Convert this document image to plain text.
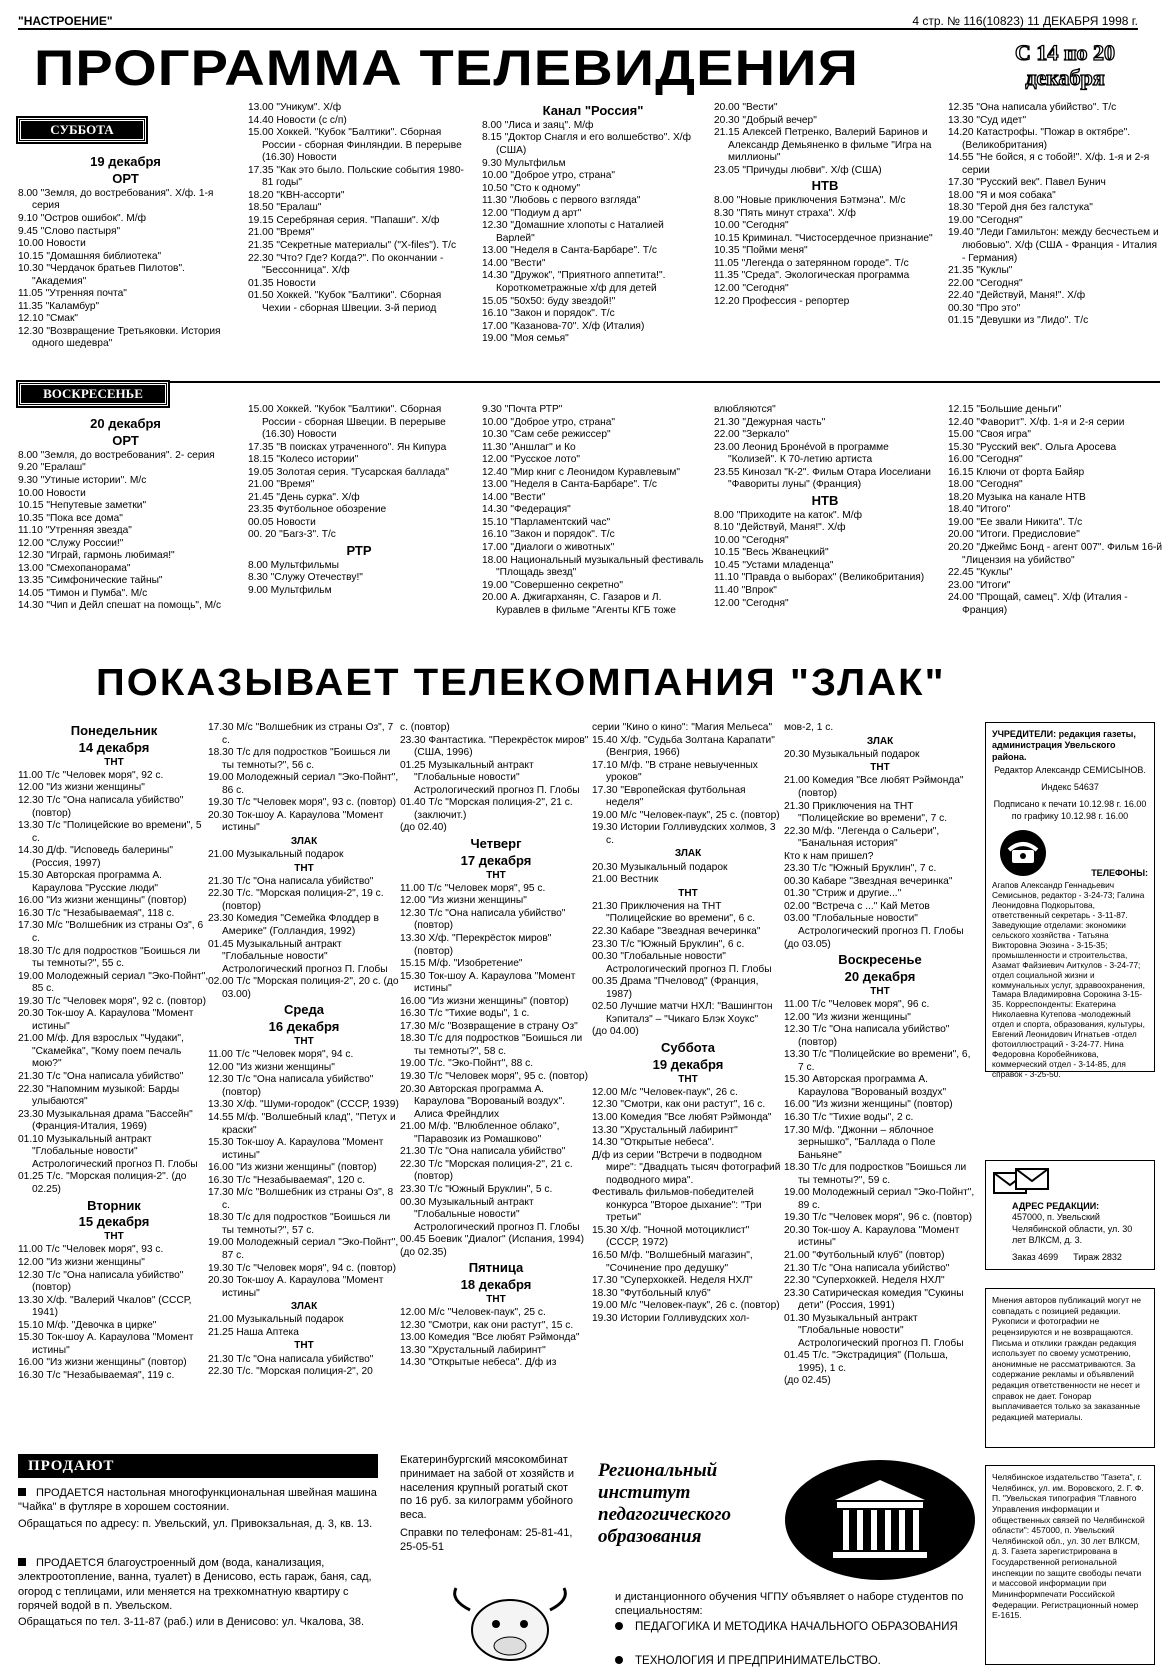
"НАСТРОЕНИЕ"	4 стр. № 116(10823) 11 ДЕКАБРЯ 1998 г.
ПРОГРАММА ТЕЛЕВИДЕНИЯ	С 14 по 20
декабря
СУББОТА
19 декабря
ОРТ
8.00 "Земля, до востребования". Х/ф. 1-я серия
9.10 "Остров ошибок". М/ф
9.45 "Слово пастыря"
10.00 Новости
10.15 "Домашняя библиотека"
10.30 "Чердачок братьев Пилотов". "Академия"
11.05 "Утренняя почта"
11.35 "Каламбур"
12.10 "Смак"
12.30 "Возвращение Третьяковки. История одного шедевра"
13.00 "Уникум". Х/ф
14.40 Новости (с с/п)
15.00 Хоккей. "Кубок "Балтики". Сборная России - сборная Финляндии. В перерыве (16.30) Новости
17.35 "Как это было. Польские события 1980-81 годы"
18.20 "КВН-ассорти"
18.50 "Ералаш"
19.15 Серебряная серия. "Папаши". Х/ф
21.00 "Время"
21.35 "Секретные материалы" ("X-files"). Т/с
22.30 "Что? Где? Когда?". По окончании - "Бессонница". Х/ф
01.35 Новости
01.50 Хоккей. "Кубок "Балтики". Сборная Чехии - сборная Швеции. 3-й период
Канал "Россия"
8.00 "Лиса и заяц". М/ф
8.15 "Доктор Снагля и его волшебство". Х/ф (США)
9.30 Мультфильм
10.00 "Доброе утро, страна"
10.50 "Сто к одному"
11.30 "Любовь с первого взгляда"
12.00 "Подиум д арт"
12.30 "Домашние хлопоты с Наталией Варлей"
13.00 "Неделя в Санта-Барбаре". Т/с
14.00 "Вести"
14.30 "Дружок", "Приятного аппетита!". Короткометражные х/ф для детей
15.05 "50x50: буду звездой!"
16.10 "Закон и порядок". Т/с
17.00 "Казанова-70". Х/ф (Италия)
19.00 "Моя семья"
20.00 "Вести"
20.30 "Добрый вечер"
21.15 Алексей Петренко, Валерий Баринов и Александр Демьяненко в фильме "Игра на миллионы"
23.05 "Причуды любви". Х/ф (США)
НТВ
8.00 "Новые приключения Бэтмэна". М/с
8.30 "Пять минут страха". Х/ф
10.00 "Сегодня"
10.15 Криминал. "Чистосердечное признание"
10.35 "Пойми меня"
11.05 "Легенда о затерянном городе". Т/с
11.35 "Среда". Экологическая программа
12.00 "Сегодня"
12.20 Профессия - репортер
12.35 "Она написала убийство". Т/с
13.30 "Суд идет"
14.20 Катастрофы. "Пожар в октябре". (Великобритания)
14.55 "Не бойся, я с тобой!". Х/ф. 1-я и 2-я серии
17.30 "Русский век". Павел Бунич
18.00 "Я и моя собака"
18.30 "Герой дня без галстука"
19.00 "Сегодня"
19.40 "Леди Гамильтон: между бесчестьем и любовью". Х/ф (США - Франция - Италия - Германия)
21.35 "Куклы"
22.00 "Сегодня"
22.40 "Действуй, Маня!". Х/ф
00.30 "Про это"
01.15 "Девушки из "Лидо". Т/с
ВОСКРЕСЕНЬЕ
20 декабря
ОРТ
8.00 "Земля, до востребования". 2- серия
9.20 "Ералаш"
9.30 "Утиные истории". М/с
10.00 Новости
10.15 "Непутевые заметки"
10.35 "Пока все дома"
11.10 "Утренняя звезда"
12.00 "Служу России!"
12.30 "Играй, гармонь любимая!"
13.00 "Смехопанорама"
13.35 "Симфонические тайны"
14.05 "Тимон и Пумба". М/с
14.30 "Чип и Дейл спешат на помощь", М/с
15.00 Хоккей. "Кубок "Балтики". Сборная России - сборная Швеции. В перерыве (16.30) Новости
17.35 "В поисках утраченного". Ян Кипура
18.15 "Колесо истории"
19.05 Золотая серия. "Гусарская баллада"
21.00 "Время"
21.45 "День сурка". Х/ф
23.35 Футбольное обозрение
00.05 Новости
00. 20 "Багз-3". Т/с
РТР
8.00 Мультфильмы
8.30 "Служу Отечеству!"
9.00 Мультфильм
9.30 "Почта РТР"
10.00 "Доброе утро, страна"
10.30 "Сам себе режиссер"
11.30 "Аншлаг" и Ко
12.00 "Русское лото"
12.40 "Мир книг с Леонидом Куравлевым"
13.00 "Неделя в Санта-Барбаре". Т/с
14.00 "Вести"
14.30 "Федерация"
15.10 "Парламентский час"
16.10 "Закон и порядок". Т/с
17.00 "Диалоги о животных"
18.00 Национальный музыкальный фестиваль "Площадь звезд"
19.00 "Совершенно секретно"
20.00 А. Джигарханян, С. Газаров и Л. Куравлев в фильме "Агенты КГБ тоже
влюбляются"
21.30 "Дежурная часть"
22.00 "Зеркало"
23.00 Леонид Бронévой в программе "Колизей". К 70-летию артиста
23.55 Кинозал "К-2". Фильм Отара Иоселиани "Фавориты луны" (Франция)
НТВ
8.00 "Приходите на каток". М/ф
8.10 "Действуй, Маня!". Х/ф
10.00 "Сегодня"
10.15 "Весь Жванецкий"
10.45 "Устами младенца"
11.10 "Правда о выборах" (Великобритания)
11.40 "Впрок"
12.00 "Сегодня"
12.15 "Большие деньги"
12.40 "Фаворит". Х/ф. 1-я и 2-я серии
15.00 "Своя игра"
15.30 "Русский век". Ольга Аросева
16.00 "Сегодня"
16.15 Ключи от форта Байяр
18.00 "Сегодня"
18.20 Музыка на канале НТВ
18.40 "Итого"
19.00 "Ее звали Никита". Т/с
20.00 "Итоги. Предисловие"
20.20 "Джеймс Бонд - агент 007". Фильм 16-й "Лицензия на убийство"
22.45 "Куклы"
23.00 "Итоги"
24.00 "Прощай, самец". Х/ф (Италия - Франция)
ПОКАЗЫВАЕТ ТЕЛЕКОМПАНИЯ "ЗЛАК"
Понедельник
14 декабря
ТНТ
11.00 Т/с "Человек моря", 92 с.
12.00 "Из жизни женщины"
12.30 Т/с "Она написала убийство" (повтор)
13.30 Т/с "Полицейские во времени", 5 с.
14.30 Д/ф. "Исповедь балерины" (Россия, 1997)
15.30 Авторская программа А. Караулова "Русские люди"
16.00 "Из жизни женщины" (повтор)
16.30 Т/с "Незабываемая", 118 с.
17.30 М/с "Волшебник из страны Оз", 6 с.
18.30 Т/с для подростков "Боишься ли ты темноты?", 55 с.
19.00 Молодежный сериал "Эко-Пойнт", 85 с.
19.30 Т/с "Человек моря", 92 с. (повтор)
20.30 Ток-шоу А. Караулова "Момент истины"
21.00 М/ф. Для взрослых "Чудаки", "Скамейка", "Кому поем печаль мою?"
21.30 Т/с "Она написала убийство"
22.30 "Напомним музыкой: Барды улыбаются"
23.30 Музыкальная драма "Бассейн" (Франция-Италия, 1969)
01.10 Музыкальный антракт "Глобальные новости" Астрологический прогноз П. Глобы
01.25 Т/с. "Морская полиция-2". (до 02.25)
Вторник
15 декабря
ТНТ
11.00 Т/с "Человек моря", 93 с.
12.00 "Из жизни женщины"
12.30 Т/с "Она написала убийство" (повтор)
13.30 Х/ф. "Валерий Чкалов" (СССР, 1941)
15.10 М/ф. "Девочка в цирке"
15.30 Ток-шоу А. Караулова "Момент истины"
16.00 "Из жизни женщины" (повтор)
16.30 Т/с "Незабываемая", 119 с.
17.30 М/с "Волшебник из страны Оз", 7 с.
18.30 Т/с для подростков "Боишься ли ты темноты?", 56 с.
19.00 Молодежный сериал "Эко-Пойнт", 86 с.
19.30 Т/с "Человек моря", 93 с. (повтор)
20.30 Ток-шоу А. Караулова "Момент истины"
ЗЛАК
21.00 Музыкальный подарок
ТНТ
21.30 Т/с "Она написала убийство"
22.30 Т/с. "Морская полиция-2", 19 с. (повтор)
23.30 Комедия "Семейка Флоддер в Америке" (Голландия, 1992)
01.45 Музыкальный антракт "Глобальные новости" Астрологический прогноз П. Глобы
02.00 Т/с "Морская полиция-2", 20 с. (до 03.00)
Среда
16 декабря
ТНТ
11.00 Т/с "Человек моря", 94 с.
12.00 "Из жизни женщины"
12.30 Т/с "Она написала убийство" (повтор)
13.30 Х/ф. "Шуми-городок" (СССР, 1939)
14.55 М/ф. "Волшебный клад", "Петух и краски"
15.30 Ток-шоу А. Караулова "Момент истины"
16.00 "Из жизни женщины" (повтор)
16.30 Т/с "Незабываемая", 120 с.
17.30 М/с "Волшебник из страны Оз", 8 с.
18.30 Т/с для подростков "Боишься ли ты темноты?", 57 с.
19.00 Молодежный сериал "Эко-Пойнт", 87 с.
19.30 Т/с "Человек моря", 94 с. (повтор)
20.30 Ток-шоу А. Караулова "Момент истины"
ЗЛАК
21.00 Музыкальный подарок
21.25 Наша Аптека
ТНТ
21.30 Т/с "Она написала убийство"
22.30 Т/с. "Морская полиция-2", 20
с. (повтор)
23.30 Фантастика. "Перекрёсток миров" (США, 1996)
01.25 Музыкальный антракт "Глобальные новости" Астрологический прогноз П. Глобы
01.40 Т/с "Морская полиция-2", 21 с. (заключит.)
(до 02.40)
Четверг
17 декабря
ТНТ
11.00 Т/с "Человек моря", 95 с.
12.00 "Из жизни женщины"
12.30 Т/с "Она написала убийство" (повтор)
13.30 Х/ф. "Перекрёсток миров" (повтор)
15.15 М/ф. "Изобретение"
15.30 Ток-шоу А. Караулова "Момент истины"
16.00 "Из жизни женщины" (повтор)
16.30 Т/с "Тихие воды", 1 с.
17.30 М/с "Возвращение в страну Оз"
18.30 Т/с для подростков "Боишься ли ты темноты?", 58 с.
19.00 Т/с. "Эко-Пойнт", 88 с.
19.30 Т/с "Человек моря", 95 с. (повтор)
20.30 Авторская программа А. Караулова "Ворованый воздух". Алиса Фрейндлих
21.00 М/ф. "Влюбленное облако", "Паравозик из Ромашково"
21.30 Т/с "Она написала убийство"
22.30 Т/с "Морская полиция-2", 21 с. (повтор)
23.30 Т/с "Южный Бруклин", 5 с.
00.30 Музыкальный антракт "Глобальные новости" Астрологический прогноз П. Глобы
00.45 Боевик "Диалог" (Испания, 1994)
(до 02.35)
Пятница
18 декабря
ТНТ
12.00 М/с "Человек-паук", 25 с.
12.30 "Смотри, как они растут", 15 с.
13.00 Комедия "Все любят Рэймонда"
13.30 "Хрустальный лабиринт"
14.30 "Открытые небеса". Д/ф из
серии "Кино о кино": "Магия Мельеса"
15.40 Х/ф. "Судьба Золтана Карапати" (Венгрия, 1966)
17.10 М/ф. "В стране невыученных уроков"
17.30 "Европейская футбольная неделя"
19.00 М/с "Человек-паук", 25 с. (повтор)
19.30 Истории Голливудских холмов, 3 с.
ЗЛАК
20.30 Музыкальный подарок
21.00 Вестник
ТНТ
21.30 Приключения на ТНТ "Полицейские во времени", 6 с.
22.30 Кабаре "Звездная вечеринка"
23.30 Т/с "Южный Бруклин", 6 с.
00.30 "Глобальные новости" Астрологический прогноз П. Глобы
00.35 Драма "Пчеловод" (Франция, 1987)
02.50 Лучшие матчи НХЛ: "Вашингтон Кэпиталз" – "Чикаго Блэк Хоукс"
(до 04.00)
Суббота
19 декабря
ТНТ
12.00 М/с "Человек-паук", 26 с.
12.30 "Смотри, как они растут", 16 с.
13.00 Комедия "Все любят Рэймонда"
13.30 "Хрустальный лабиринт"
14.30 "Открытые небеса".
Д/ф из серии "Встречи в подводном мире": "Двадцать тысяч фотографий подводного мира".
Фестиваль фильмов-победителей конкурса "Второе дыхание": "Три третьи"
15.30 Х/ф. "Ночной мотоциклист" (СССР, 1972)
16.50 М/ф. "Волшебный магазин", "Сочинение про дедушку"
17.30 "Суперхоккей. Неделя НХЛ"
18.30 "Футбольный клуб"
19.00 М/с "Человек-паук", 26 с. (повтор)
19.30 Истории Голливудских хол-
мов-2, 1 с.
ЗЛАК
20.30 Музыкальный подарок
ТНТ
21.00 Комедия "Все любят Рэймонда" (повтор)
21.30 Приключения на ТНТ "Полицейские во времени", 7 с.
22.30 М/ф. "Легенда о Сальери", "Банальная история"
Кто к нам пришел?
23.30 Т/с "Южный Бруклин", 7 с.
00.30 Кабаре "Звездная вечеринка"
01.30 "Стриж и другие..."
02.00 "Встреча с ..." Кай Метов
03.00 "Глобальные новости" Астрологический прогноз П. Глобы
(до 03.05)
Воскресенье
20 декабря
ТНТ
11.00 Т/с "Человек моря", 96 с.
12.00 "Из жизни женщины"
12.30 Т/с "Она написала убийство" (повтор)
13.30 Т/с "Полицейские во времени", 6, 7 с.
15.30 Авторская программа А. Караулова "Ворованый воздух"
16.00 "Из жизни женщины" (повтор)
16.30 Т/с "Тихие воды", 2 с.
17.30 М/ф. "Джонни – яблочное зернышко", "Баллада о Поле Баньяне"
18.30 Т/с для подростков "Боишься ли ты темноты?", 59 с.
19.00 Молодежный сериал "Эко-Пойнт", 89 с.
19.30 Т/с "Человек моря", 96 с. (повтор)
20.30 Ток-шоу А. Караулова "Момент истины"
21.00 "Футбольный клуб" (повтор)
21.30 Т/с "Она написала убийство"
22.30 "Суперхоккей. Неделя НХЛ"
23.30 Сатирическая комедия "Сукины дети" (Россия, 1991)
01.30 Музыкальный антракт "Глобальные новости" Астрологический прогноз П. Глобы
01.45 Т/с. "Экстрадиция" (Польша, 1995), 1 с.
(до 02.45)
УЧРЕДИТЕЛИ: редакция газеты, администрация Увельского района.
Редактор Александр СЕМИСЫНОВ.
Индекс 54637
Подписано к печати 10.12.98 г. 16.00
по графику 10.12.98 г. 16.00
ТЕЛЕФОНЫ:
Агапов Александр Геннадьевич Семисынов, редактор - 3-24-73; Галина Леонидовна Подкорытова, ответственный секретарь - 3-11-87. Заведующие отделами: экономики сельского хозяйства - Татьяна Викторовна Эюзина - 3-15-35; промышленности и строительства, Азамат Файзиевич Аиткулов - 3-24-77; отдел социальной жизни и коммунальных услуг, здравоохранения, Тамара Владимировна Сорокина 3-15-35. Корреспонденты: Екатерина Николаевна Кутепова -молодежный отдел и спорта, образования, культуры, Евгений Леонидович Игнатьев -отдел фотоиллюстраций - 3-24-77. Нина Федоровна Коробейникова, коммерческий отдел - 3-14-85, для справок - 3-25-50.
АДРЕС РЕДАКЦИИ:
457000, п. Увельский Челябинской области, ул. 30 лет ВЛКСМ, д. 3.
Заказ 4699 Тираж 2832
Мнения авторов публикаций могут не совпадать с позицией редакции. Рукописи и фотографии не рецензируются и не возвращаются. Письма и отклики граждан редакция использует по своему усмотрению, анонимные не рассматриваются. За содержание рекламы и объявлений редакция ответственности не несет и справок не дает. Гонорар выплачивается только за заказанные редакцией материалы.
Челябинское издательство "Газета", г. Челябинск, ул. им. Воровского, 2. Г. Ф. П. "Увельская типография "Главного Управления информации и общественных связей по Челябинской области": 457000, п. Увельский Челябинской обл., ул. 30 лет ВЛКСМ, д. 3. Газета зарегистрирована в Государственной региональной инспекции по защите свободы печати и массовой информации при Мининформпечати Российской Федерации. Регистрационный номер Е-1615.
ПРОДАЮТ
ПРОДАЕТСЯ настольная многофункциональная швейная машина "Чайка" в футляре в хорошем состоянии.
Обращаться по адресу: п. Увельский, ул. Привокзальная, д. 3, кв. 13.
ПРОДАЕТСЯ благоустроенный дом (вода, канализация, электроотопление, ванна, туалет) в Денисово, есть гараж, баня, сад, огород с теплицами, или меняется на трехкомнатную квартиру с горячей водой в п. Увельском.
Обращаться по тел. 3-11-87 (раб.) или в Денисово: ул. Чкалова, 38.
Екатеринбургский мясокомбинат принимает на забой от хозяйств и населения крупный рогатый скот по 16 руб. за килограмм убойного веса.
Справки по телефонам: 25-81-41, 25-05-51
Региональный институт педагогического образования
и дистанционного обучения ЧГПУ объявляет о наборе студентов по специальностям:
ПЕДАГОГИКА И МЕТОДИКА НАЧАЛЬНОГО ОБРАЗОВАНИЯ
ТЕХНОЛОГИЯ И ПРЕДПРИНИМАТЕЛЬСТВО.
